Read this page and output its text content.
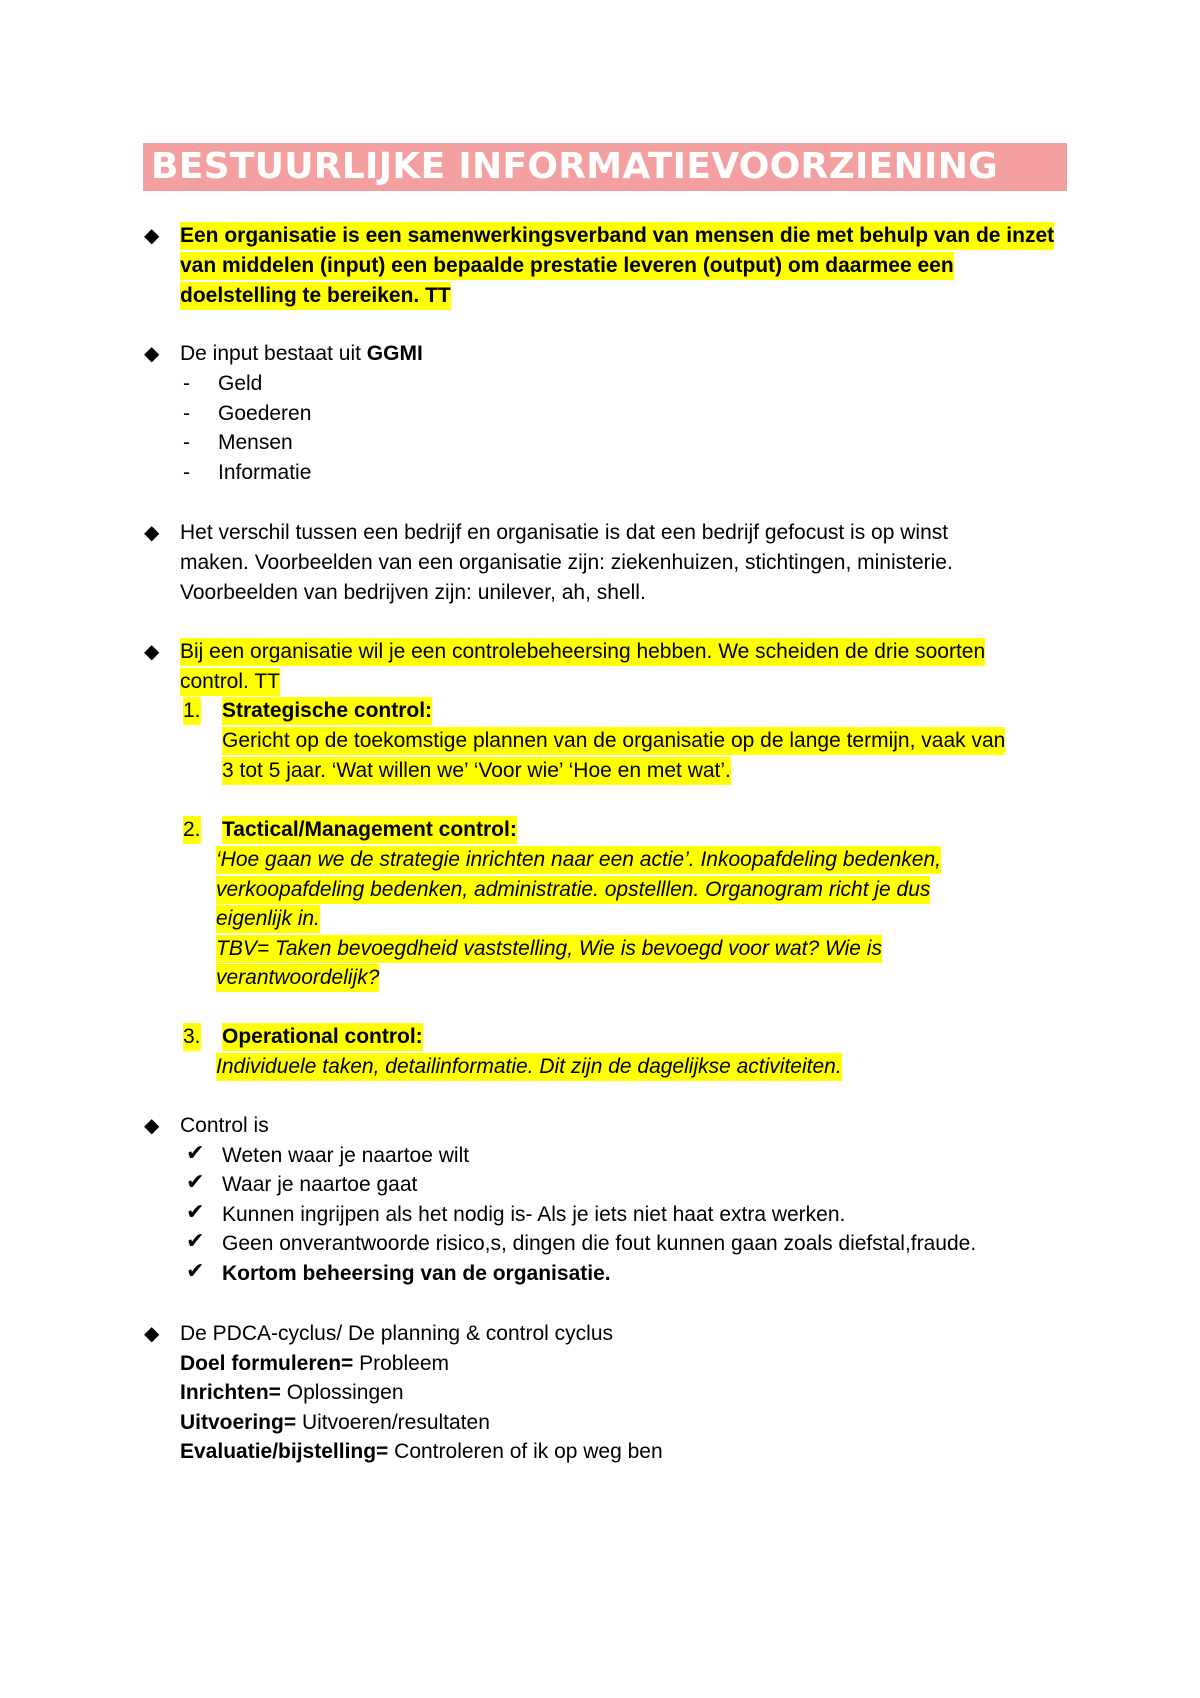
BESTUURLIJKE INFORMATIEVOORZIENING
◆ Een organisatie is een samenwerkingsverband van mensen die met behulp van de inzet
van middelen (input) een bepaalde prestatie leveren (output) om daarmee een
doelstelling te bereiken. TT
◆ De input bestaat uit GGMI
- Geld
- Goederen
- Mensen
- Informatie
◆ Het verschil tussen een bedrijf en organisatie is dat een bedrijf gefocust is op winst
maken. Voorbeelden van een organisatie zijn: ziekenhuizen, stichtingen, ministerie.
Voorbeelden van bedrijven zijn: unilever, ah, shell.
◆ Bij een organisatie wil je een controlebeheersing hebben. We scheiden de drie soorten
control. TT
1. Strategische control:
Gericht op de toekomstige plannen van de organisatie op de lange termijn, vaak van
3 tot 5 jaar. ‘Wat willen we’ ‘Voor wie’ ‘Hoe en met wat’.
2. Tactical/Management control:
‘Hoe gaan we de strategie inrichten naar een actie’. Inkoopafdeling bedenken,
verkoopafdeling bedenken, administratie. opstelllen. Organogram richt je dus
eigenlijk in.
TBV= Taken bevoegdheid vaststelling, Wie is bevoegd voor wat? Wie is
verantwoordelijk?
3. Operational control:
Individuele taken, detailinformatie. Dit zijn de dagelijkse activiteiten.
◆ Control is
✔ Weten waar je naartoe wilt
✔ Waar je naartoe gaat
✔ Kunnen ingrijpen als het nodig is- Als je iets niet haat extra werken.
✔ Geen onverantwoorde risico,s, dingen die fout kunnen gaan zoals diefstal,fraude.
✔ Kortom beheersing van de organisatie.
◆ De PDCA-cyclus/ De planning & control cyclus
Doel formuleren= Probleem
Inrichten= Oplossingen
Uitvoering= Uitvoeren/resultaten
Evaluatie/bijstelling= Controleren of ik op weg ben
